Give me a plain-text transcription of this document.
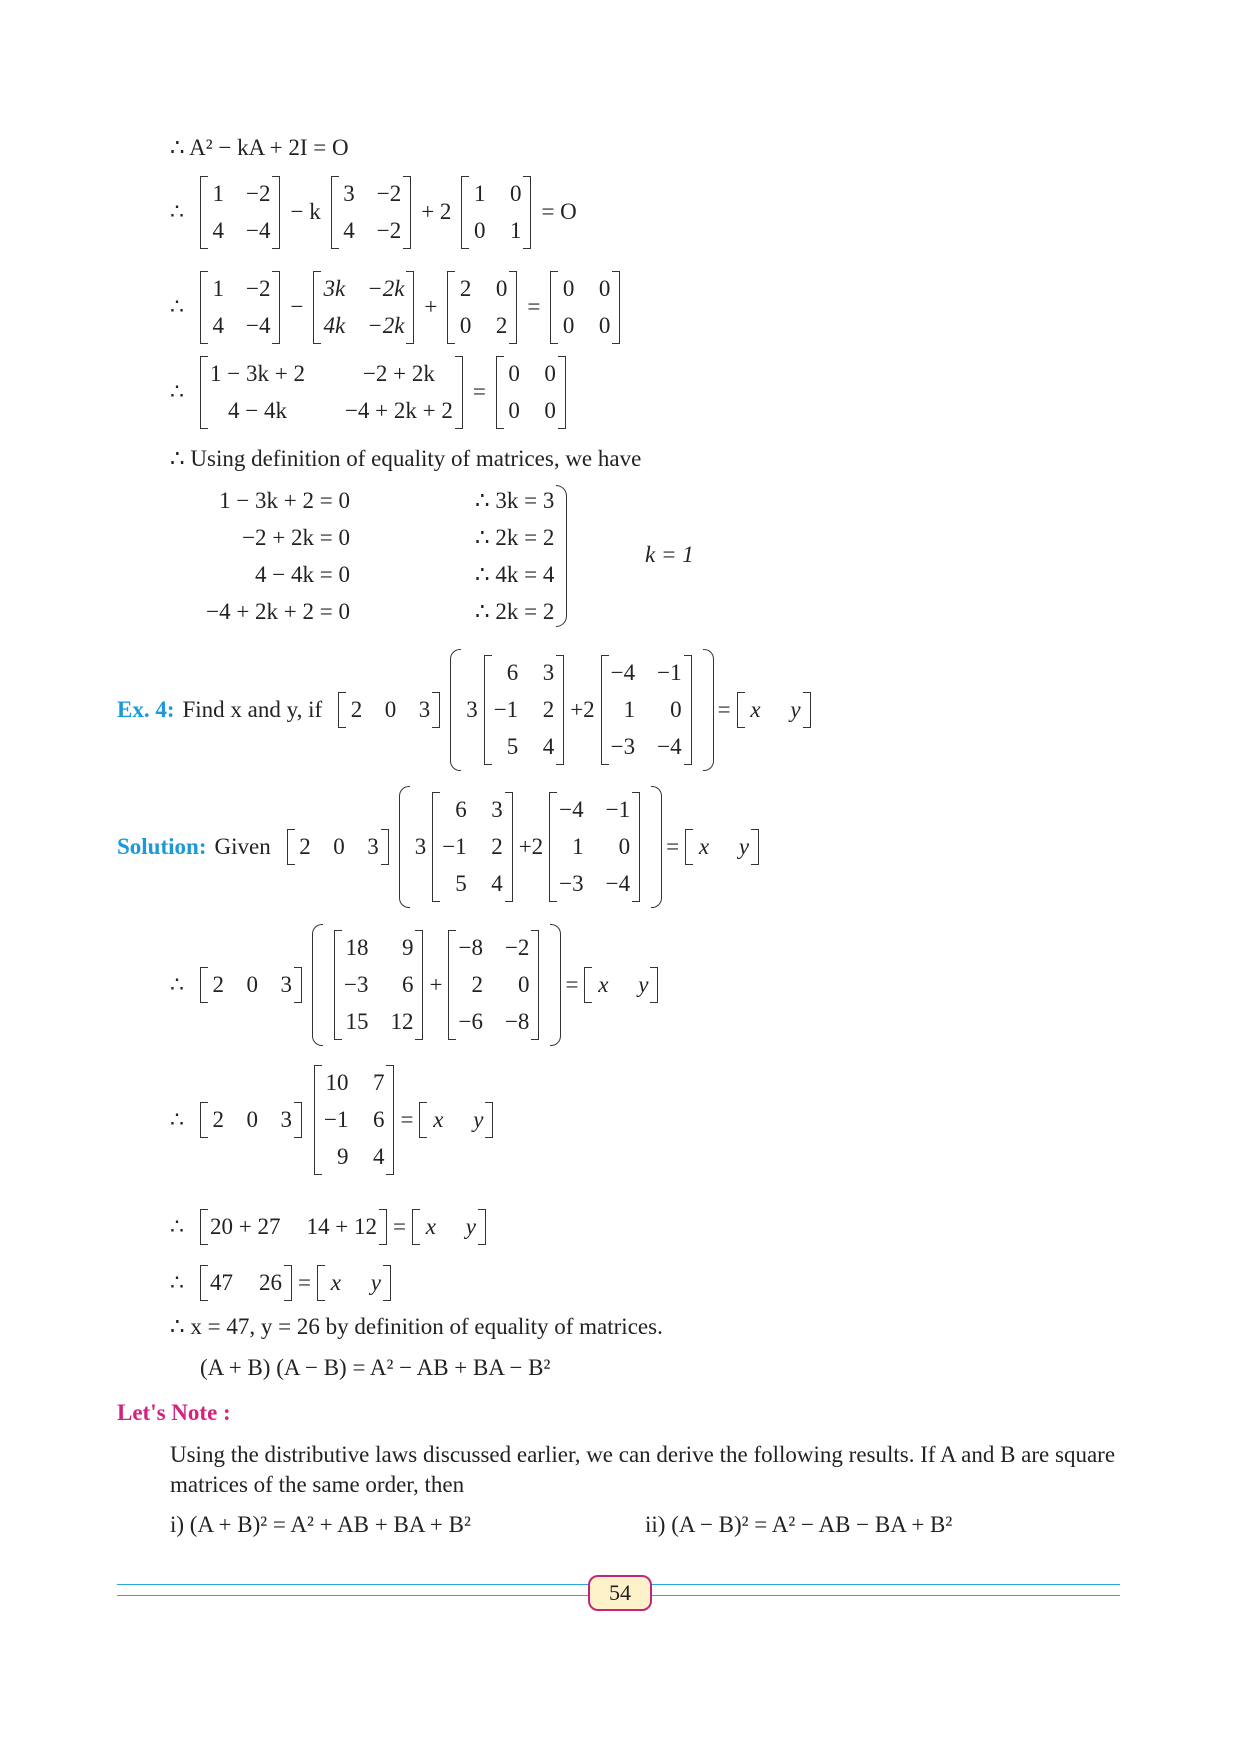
∴ A² − kA + 2I = O
∴
1 −2
4 −4
− k
3 −2
4 −2
+ 2
1 0
0 1
= O
∴
1 −2
4 −4
−
3k −2k
4k −2k
+
2 0
0 2
=
0 0
0 0
∴
1 − 3k + 2	−2 + 2k
4 − 4k	−4 + 2k + 2
=
0 0
0 0
∴ Using definition of equality of matrices, we have
1 − 3k + 2 = 0
−2 + 2k = 0
4 − 4k = 0
−4 + 2k + 2 = 0
∴ 3k = 3
∴ 2k = 2
∴ 4k = 4
∴ 2k = 2
k = 1
Ex. 4: Find x and y, if 2 0 3 3
6 3
−1 2
5 4
+2
−4 −1
1	0
−3 −4
= x y
Solution: Given 2 0 3 3
6 3
−1 2
5 4
+2
−4 −1
1	0
−3 −4
= x y
∴ 2 0 3
18	9
−3	6
15 12
+
−8 −2
2	0
−6 −8
= x y
∴ 2 0 3
10 7
−1 6
9 4
= x y
∴ 20 + 27 14 + 12 = x y
∴ 47 26 = x y
∴ x = 47, y = 26 by definition of equality of matrices.
(A + B) (A − B) = A² − AB + BA − B²
Let's Note :
Using the distributive laws discussed earlier, we can derive the following results. If A and B are square matrices of the same order, then
i) (A + B)² = A² + AB + BA + B²	ii) (A − B)² = A² − AB − BA + B²
54
